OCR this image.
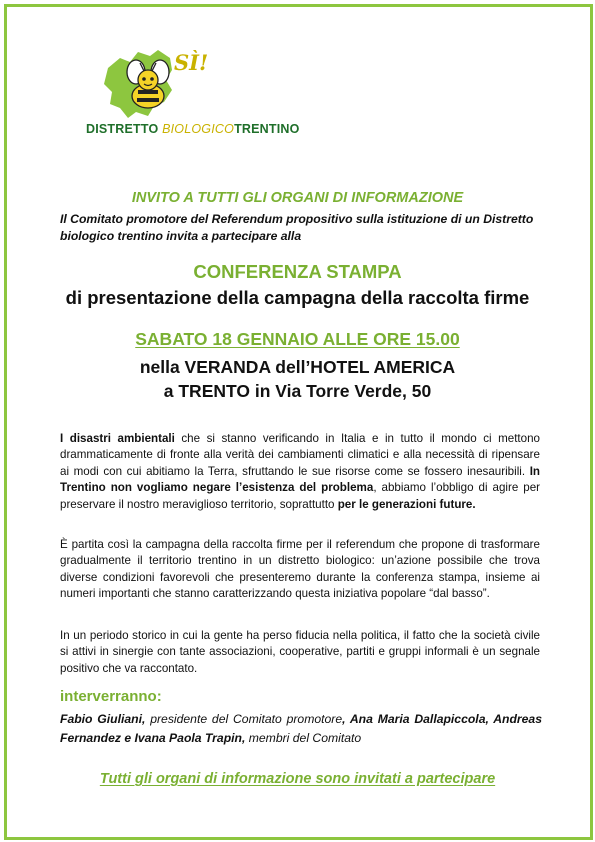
SÌ!
DISTRETTO BIOLOGICOTRENTINO
INVITO A TUTTI GLI ORGANI DI INFORMAZIONE
Il Comitato promotore del Referendum propositivo sulla istituzione di un Distretto biologico trentino invita a partecipare alla
CONFERENZA STAMPA
di presentazione della campagna della raccolta firme
SABATO 18 GENNAIO ALLE ORE 15.00
nella VERANDA dell’HOTEL AMERICA
a TRENTO in Via Torre Verde, 50
I disastri ambientali che si stanno verificando in Italia e in tutto il mondo ci mettono drammaticamente di fronte alla verità dei cambiamenti climatici e alla necessità di ripensare ai modi con cui abitiamo la Terra, sfruttando le sue risorse come se fossero inesauribili. In Trentino non vogliamo negare l’esistenza del problema, abbiamo l’obbligo di agire per preservare il nostro meraviglioso territorio, soprattutto per le generazioni future.
È partita così la campagna della raccolta firme per il referendum che propone di trasformare gradualmente il territorio trentino in un distretto biologico: un’azione possibile che trova diverse condizioni favorevoli che presenteremo durante la conferenza stampa, insieme ai numeri importanti che stanno caratterizzando questa iniziativa popolare “dal basso”.
In un periodo storico in cui la gente ha perso fiducia nella politica, il fatto che la società civile si attivi in sinergie con tante associazioni, cooperative, partiti e gruppi informali è un segnale positivo che va raccontato.
interverranno:
Fabio Giuliani, presidente del Comitato promotore, Ana Maria Dallapiccola, Andreas Fernandez e Ivana Paola Trapin, membri del Comitato
Tutti gli organi di informazione sono invitati a partecipare
